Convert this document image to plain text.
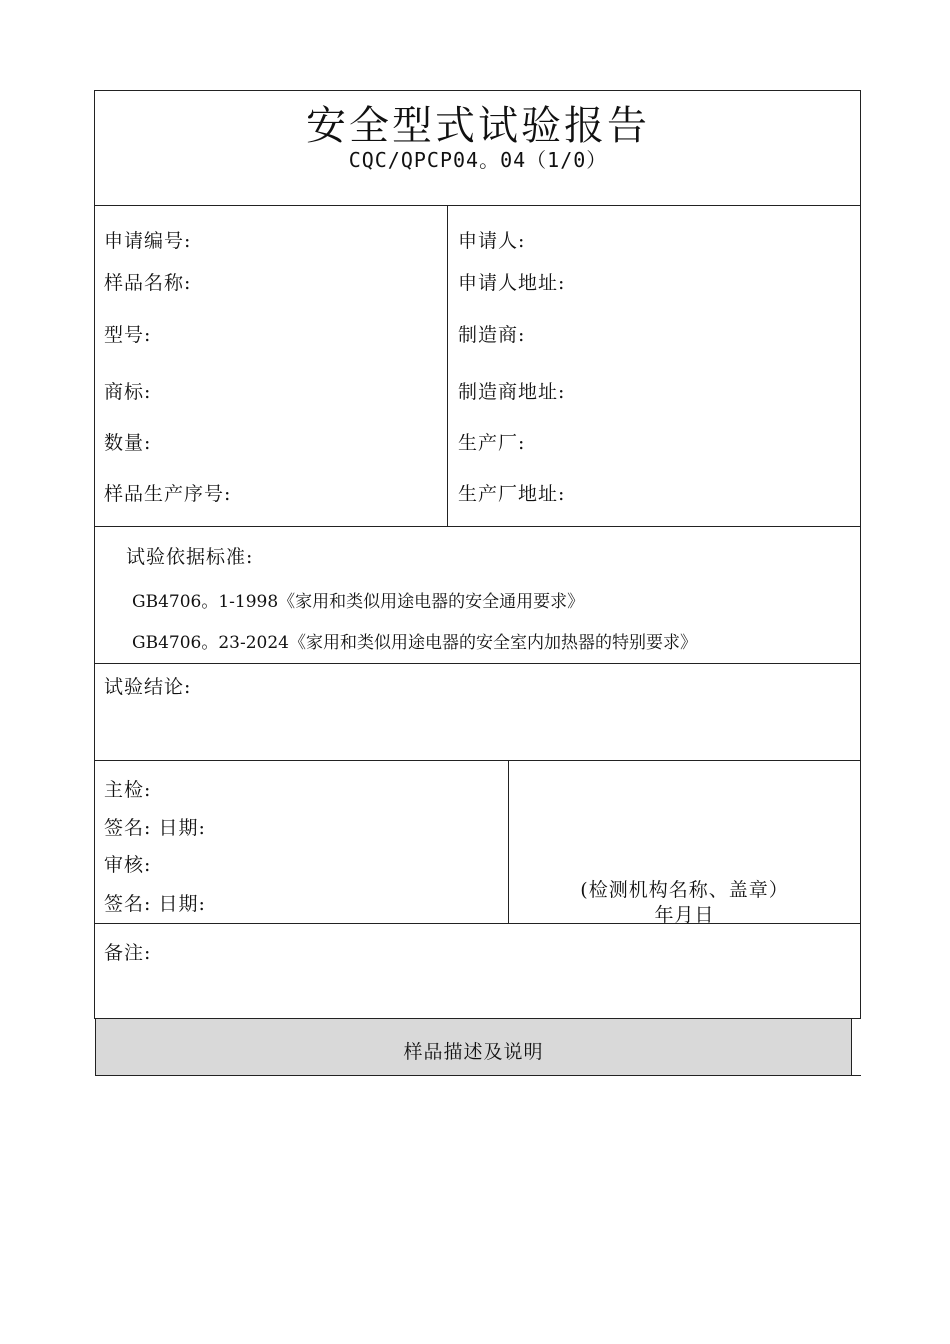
安全型式试验报告
CQC/QPCP04。04（1/0）
申请编号:
样品名称:
型号:
商标:
数量:
样品生产序号:
申请人:
申请人地址:
制造商:
制造商地址:
生产厂:
生产厂地址:
试验依据标准:
GB4706。1-1998《家用和类似用途电器的安全通用要求》
GB4706。23-2024《家用和类似用途电器的安全室内加热器的特别要求》
试验结论:
主检:
签名: 日期:
审核:
签名: 日期:
(检测机构名称、盖章）
年月日
备注:
样品描述及说明
